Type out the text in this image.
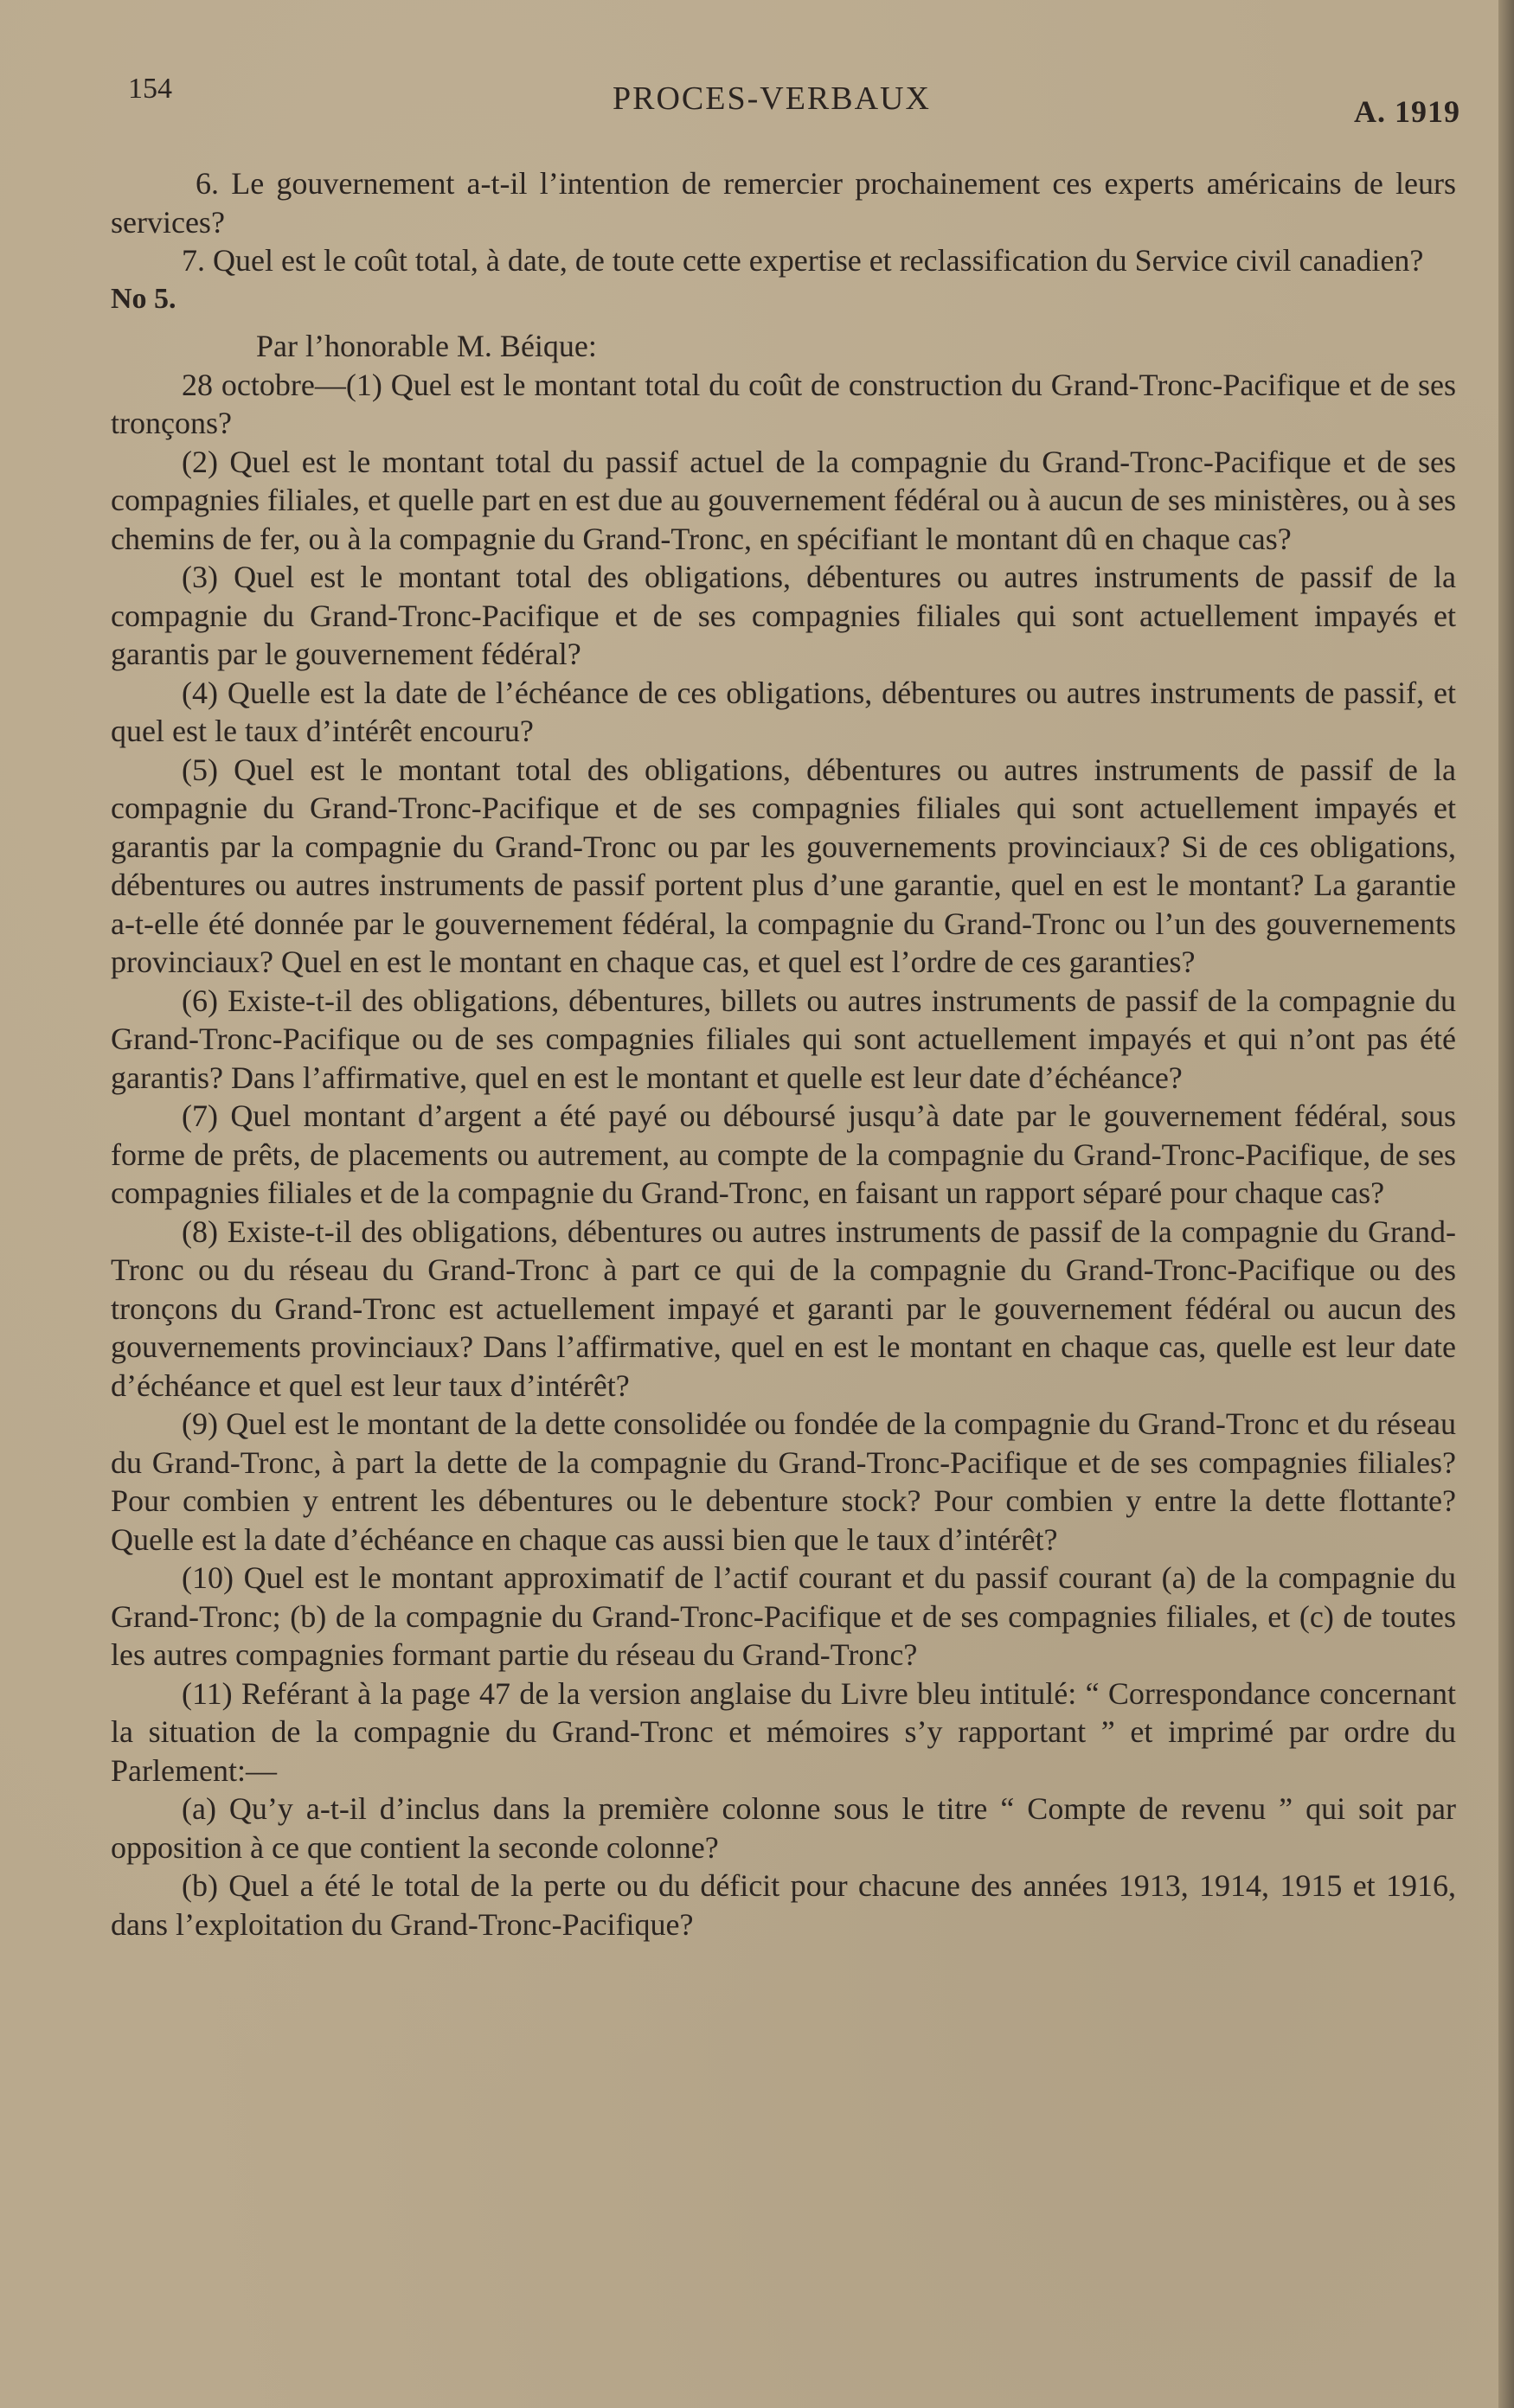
154	PROCES-VERBAUX	A. 1919

6. Le gouvernement a-t-il l’intention de remercier prochainement ces experts américains de leurs services?

7. Quel est le coût total, à date, de toute cette expertise et reclassification du Service civil canadien?

No 5.

Par l’honorable M. Béique:

28 octobre—(1) Quel est le montant total du coût de construction du Grand-Tronc-Pacifique et de ses tronçons?

(2) Quel est le montant total du passif actuel de la compagnie du Grand-Tronc-Pacifique et de ses compagnies filiales, et quelle part en est due au gouvernement fédéral ou à aucun de ses ministères, ou à ses chemins de fer, ou à la compagnie du Grand-Tronc, en spécifiant le montant dû en chaque cas?

(3) Quel est le montant total des obligations, débentures ou autres instruments de passif de la compagnie du Grand-Tronc-Pacifique et de ses compagnies filiales qui sont actuellement impayés et garantis par le gouvernement fédéral?

(4) Quelle est la date de l’échéance de ces obligations, débentures ou autres instruments de passif, et quel est le taux d’intérêt encouru?

(5) Quel est le montant total des obligations, débentures ou autres instruments de passif de la compagnie du Grand-Tronc-Pacifique et de ses compagnies filiales qui sont actuellement impayés et garantis par la compagnie du Grand-Tronc ou par les gouvernements provinciaux? Si de ces obligations, débentures ou autres instruments de passif portent plus d’une garantie, quel en est le montant? La garantie a-t-elle été donnée par le gouvernement fédéral, la compagnie du Grand-Tronc ou l’un des gouvernements provinciaux? Quel en est le montant en chaque cas, et quel est l’ordre de ces garanties?

(6) Existe-t-il des obligations, débentures, billets ou autres instruments de passif de la compagnie du Grand-Tronc-Pacifique ou de ses compagnies filiales qui sont actuellement impayés et qui n’ont pas été garantis? Dans l’affirmative, quel en est le montant et quelle est leur date d’échéance?

(7) Quel montant d’argent a été payé ou déboursé jusqu’à date par le gouvernement fédéral, sous forme de prêts, de placements ou autrement, au compte de la compagnie du Grand-Tronc-Pacifique, de ses compagnies filiales et de la compagnie du Grand-Tronc, en faisant un rapport séparé pour chaque cas?

(8) Existe-t-il des obligations, débentures ou autres instruments de passif de la compagnie du Grand-Tronc ou du réseau du Grand-Tronc à part ce qui de la compagnie du Grand-Tronc-Pacifique ou des tronçons du Grand-Tronc est actuellement impayé et garanti par le gouvernement fédéral ou aucun des gouvernements provinciaux? Dans l’affirmative, quel en est le montant en chaque cas, quelle est leur date d’échéance et quel est leur taux d’intérêt?

(9) Quel est le montant de la dette consolidée ou fondée de la compagnie du Grand-Tronc et du réseau du Grand-Tronc, à part la dette de la compagnie du Grand-Tronc-Pacifique et de ses compagnies filiales? Pour combien y entrent les débentures ou le debenture stock? Pour combien y entre la dette flottante? Quelle est la date d’échéance en chaque cas aussi bien que le taux d’intérêt?

(10) Quel est le montant approximatif de l’actif courant et du passif courant (a) de la compagnie du Grand-Tronc; (b) de la compagnie du Grand-Tronc-Pacifique et de ses compagnies filiales, et (c) de toutes les autres compagnies formant partie du réseau du Grand-Tronc?

(11) Reférant à la page 47 de la version anglaise du Livre bleu intitulé: “ Correspondance concernant la situation de la compagnie du Grand-Tronc et mémoires s’y rapportant ” et imprimé par ordre du Parlement:—

(a) Qu’y a-t-il d’inclus dans la première colonne sous le titre “ Compte de revenu ” qui soit par opposition à ce que contient la seconde colonne?

(b) Quel a été le total de la perte ou du déficit pour chacune des années 1913, 1914, 1915 et 1916, dans l’exploitation du Grand-Tronc-Pacifique?
